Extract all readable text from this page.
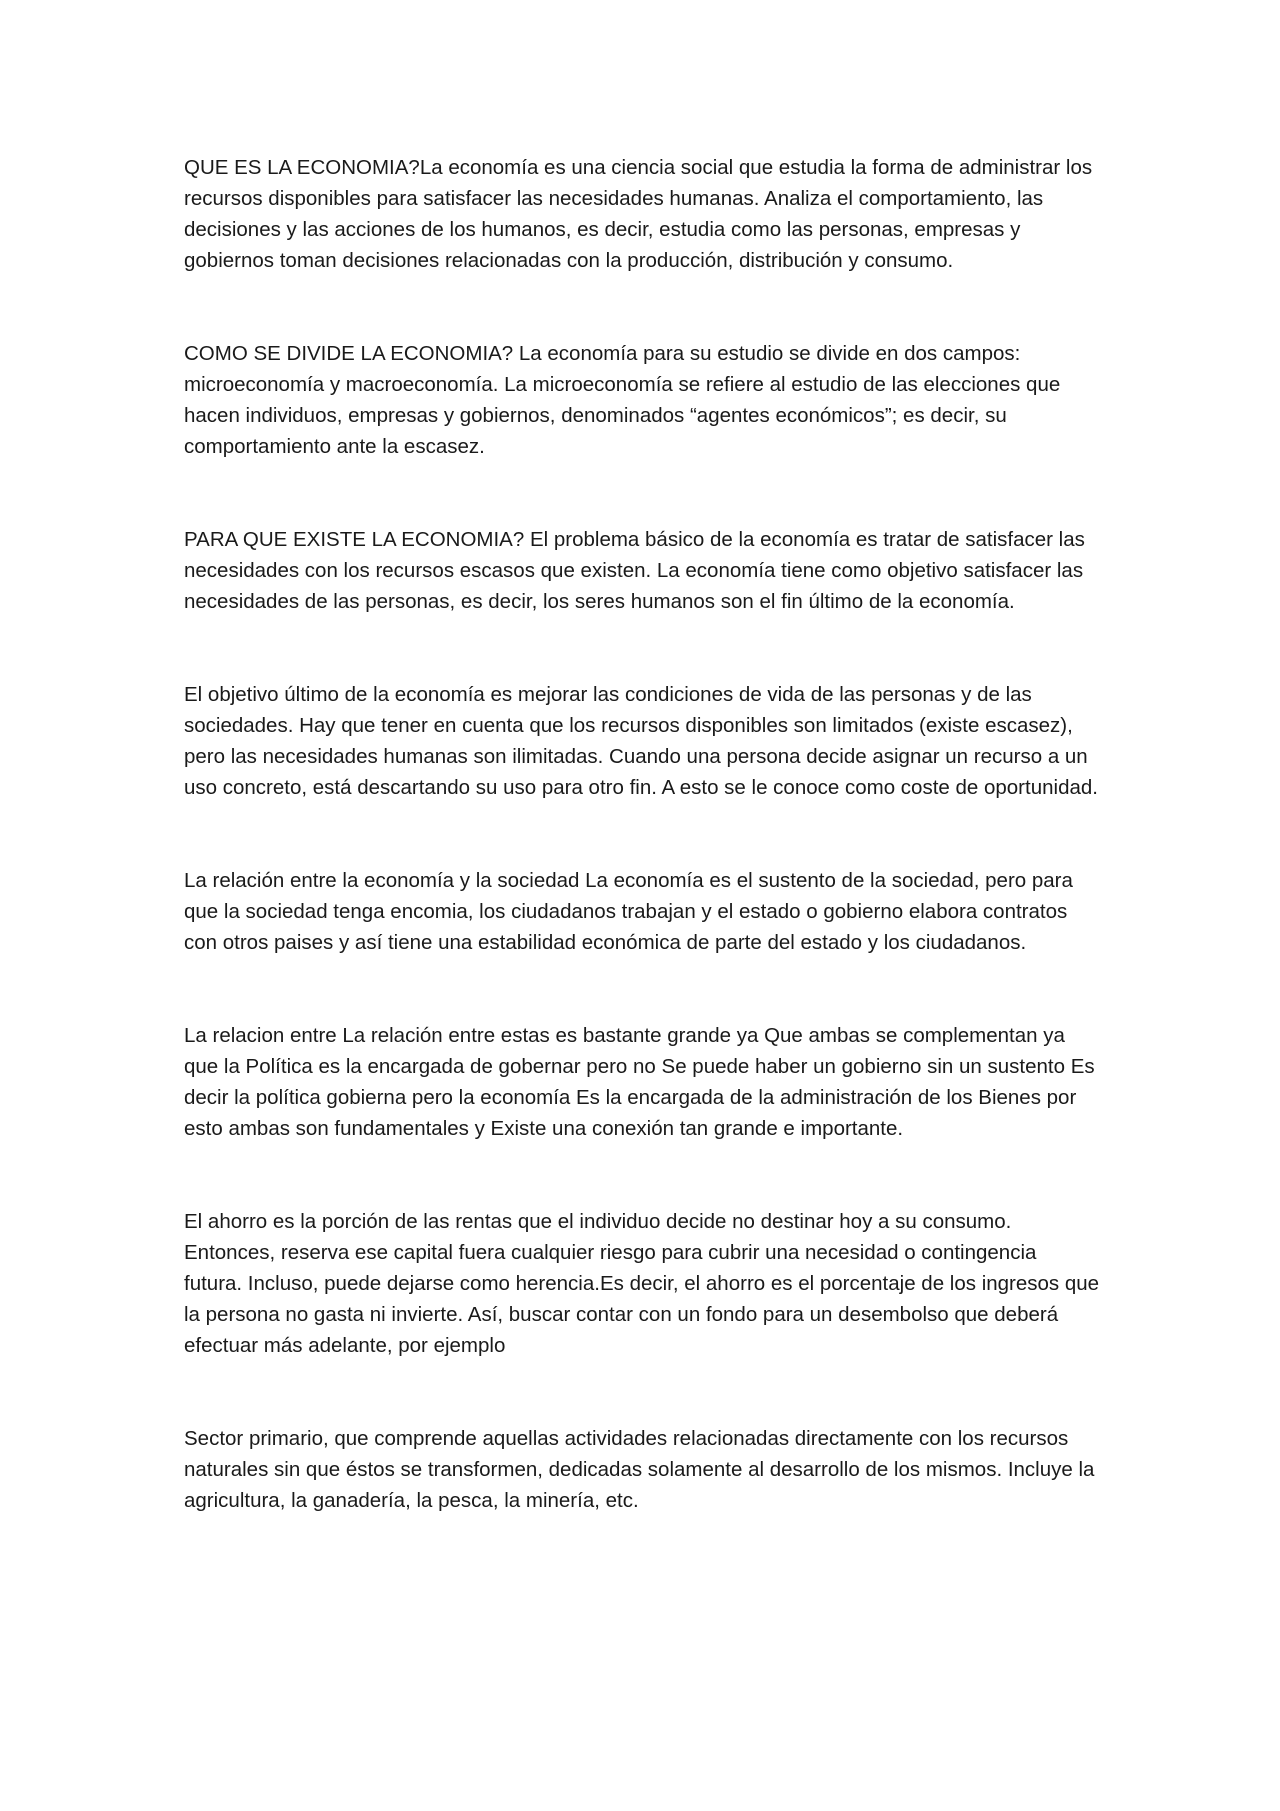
QUE ES LA ECONOMIA?La economía es una ciencia social que estudia la forma de administrar los recursos disponibles para satisfacer las necesidades humanas. Analiza el comportamiento, las decisiones y las acciones de los humanos, es decir, estudia como las personas, empresas y gobiernos toman decisiones relacionadas con la producción, distribución y consumo.

COMO SE DIVIDE LA ECONOMIA? La economía para su estudio se divide en dos campos: microeconomía y macroeconomía. La microeconomía se refiere al estudio de las elecciones que hacen individuos, empresas y gobiernos, denominados “agentes económicos”; es decir, su comportamiento ante la escasez.

PARA QUE EXISTE LA ECONOMIA? El problema básico de la economía es tratar de satisfacer las necesidades con los recursos escasos que existen. La economía tiene como objetivo satisfacer las necesidades de las personas, es decir, los seres humanos son el fin último de la economía.

El objetivo último de la economía es mejorar las condiciones de vida de las personas y de las sociedades. Hay que tener en cuenta que los recursos disponibles son limitados (existe escasez), pero las necesidades humanas son ilimitadas. Cuando una persona decide asignar un recurso a un uso concreto, está descartando su uso para otro fin. A esto se le conoce como coste de oportunidad.

La relación entre la economía y la sociedad La economía es el sustento de la sociedad, pero para que la sociedad tenga encomia, los ciudadanos trabajan y el estado o gobierno elabora contratos con otros paises y así tiene una estabilidad económica de parte del estado y los ciudadanos.

La relacion entre La relación entre estas es bastante grande ya Que ambas se complementan ya que la Política es la encargada de gobernar pero no Se puede haber un gobierno sin un sustento Es decir la política gobierna pero la economía Es la encargada de la administración de los Bienes por esto ambas son fundamentales y Existe una conexión tan grande e importante.

El ahorro es la porción de las rentas que el individuo decide no destinar hoy a su consumo. Entonces, reserva ese capital fuera cualquier riesgo para cubrir una necesidad o contingencia futura. Incluso, puede dejarse como herencia.Es decir, el ahorro es el porcentaje de los ingresos que la persona no gasta ni invierte. Así, buscar contar con un fondo para un desembolso que deberá efectuar más adelante, por ejemplo

Sector primario, que comprende aquellas actividades relacionadas directamente con los recursos naturales sin que éstos se transformen, dedicadas solamente al desarrollo de los mismos. Incluye la agricultura, la ganadería, la pesca, la minería, etc.
